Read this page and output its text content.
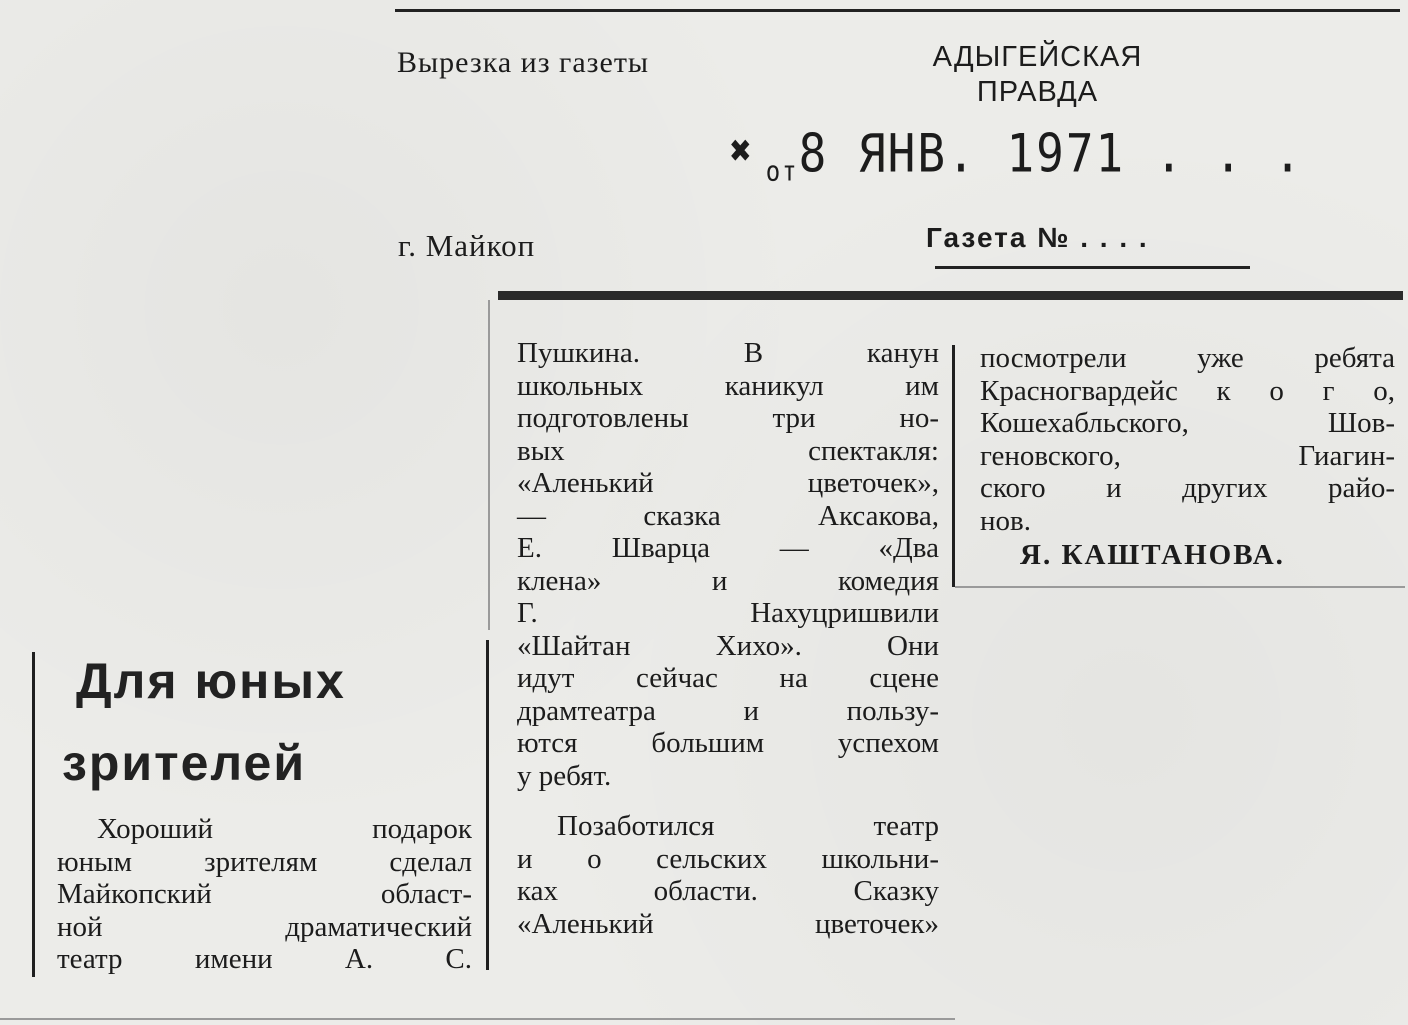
Вырезка из газеты	АДЫГЕЙСКАЯ
ПРАВДА
✖ от8 ЯНВ. 1971 . . .
г. Майкоп	Газета № . . . .
Для юных
зрителей
Хороший подарок
юным зрителям сделал
Майкопский област-
ной драматический
театр имени А. С.
Пушкина. В канун
школьных каникул им
подготовлены три но-
вых спектакля:
«Аленький цветочек»,
— сказка Аксакова,
Е. Шварца — «Два
клена» и комедия
Г. Нахуцришвили
«Шайтан Хихо». Они
идут сейчас на сцене
драмтеатра и пользу-
ются большим успехом
у ребят.
Позаботился театр
и о сельских школьни-
ках области. Сказку
«Аленький цветочек»
посмотрели уже ребята
Красногвардейс к о г о,
Кошехабльского, Шов-
геновского, Гиагин-
ского и других райо-
нов.
Я. КАШТАНОВА.
